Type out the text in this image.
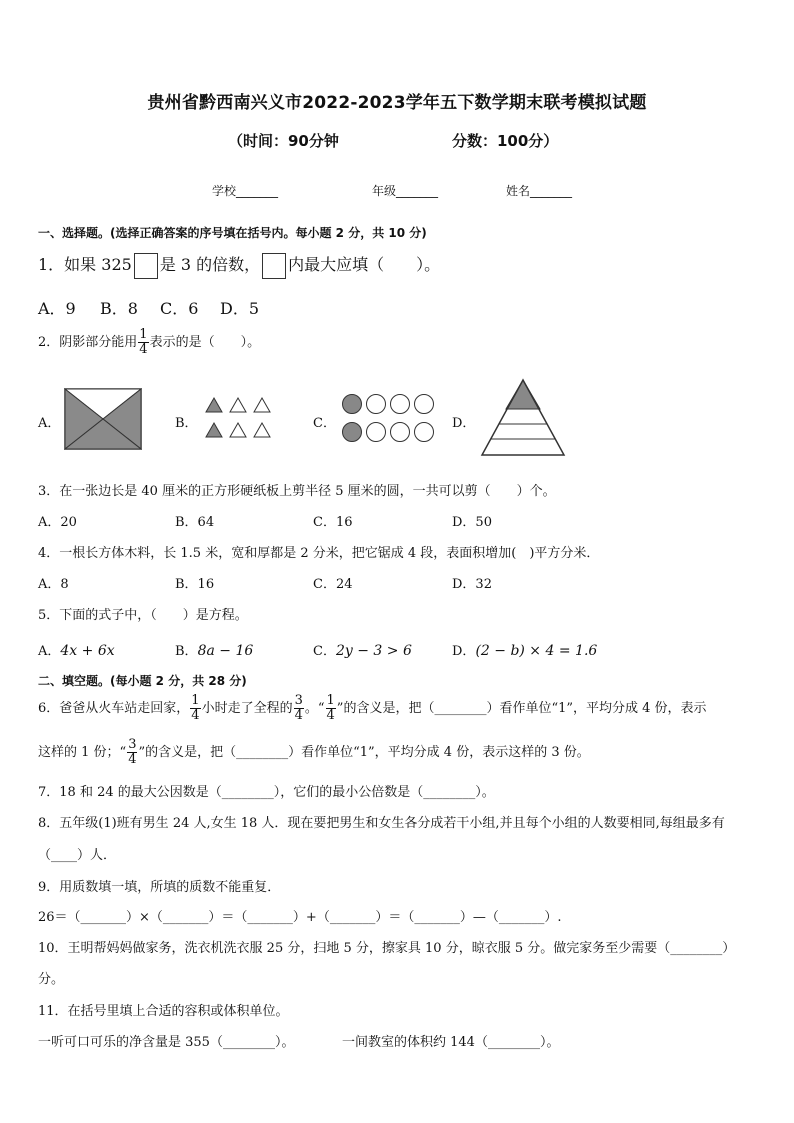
贵州省黔西南兴义市2022-2023学年五下数学期末联考模拟试题
（时间：90分钟	分数：100分）
学校_______	年级_______	姓名_______
一、选择题。(选择正确答案的序号填在括号内。每小题 2 分，共 10 分)
1．如果 325 是 3 的倍数， 内最大应填（　　）。
A．9 B．8 C．6 D．5
2．阴影部分能用 $\frac{1}{4}$ 表示的是（　　）。
A．	B．	C．	D．
3．在一张边长是 40 厘米的正方形硬纸板上剪半径 5 厘米的圆，一共可以剪（　　）个。
A．20	B．64	C．16	D．50
4．一根长方体木料，长 1.5 米，宽和厚都是 2 分米，把它锯成 4 段，表面积增加(　)平方分米．
A．8	B．16	C．24	D．32
5．下面的式子中，（　　）是方程。
A．4x + 6x	B．8a − 16	C．2y − 3 > 6	D．(2 − b) × 4 = 1.6
二、填空题。(每小题 2 分，共 28 分)
6．爸爸从火车站走回家， $\frac{1}{4}$ 小时走了全程的 $\frac{3}{4}$ 。“ $\frac{1}{4}$ ”的含义是，把（________）看作单位“1”，平均分成 4 份，表示
这样的 1 份；“ $\frac{3}{4}$ ”的含义是，把（________）看作单位“1”，平均分成 4 份，表示这样的 3 份。
7．18 和 24 的最大公因数是（________），它们的最小公倍数是（________）。
8．五年级(1)班有男生 24 人,女生 18 人．现在要把男生和女生各分成若干小组,并且每个小组的人数要相同,每组最多有
（____）人．
9．用质数填一填，所填的质数不能重复．
26＝（_______）×（_______）＝（_______）+（_______）＝（_______）—（_______）.
10．王明帮妈妈做家务，洗衣机洗衣服 25 分，扫地 5 分，擦家具 10 分，晾衣服 5 分。做完家务至少需要（________）
分。
11．在括号里填上合适的容积或体积单位。
一听可口可乐的净含量是 355（________）。	一间教室的体积约 144（________）。
